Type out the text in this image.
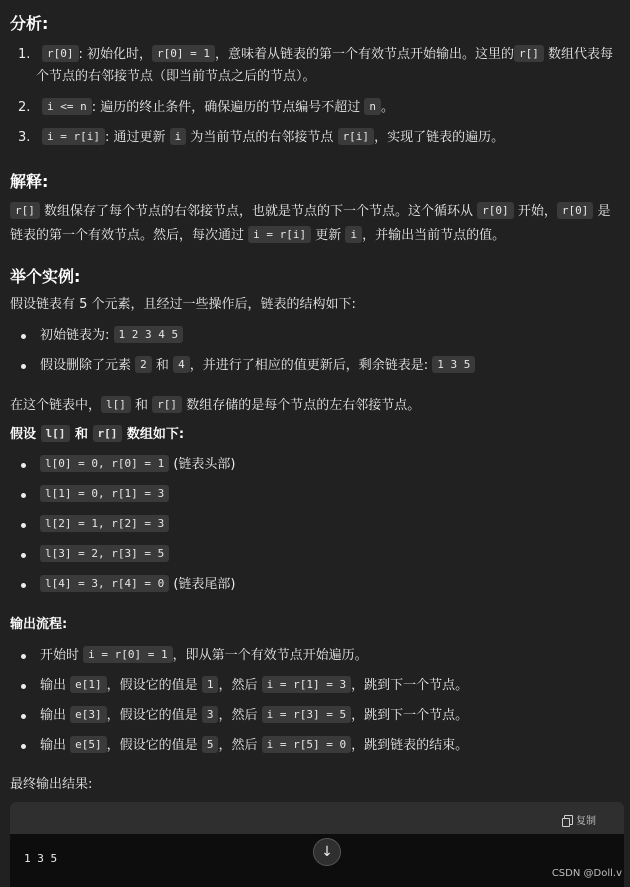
分析:
1. r[0] : 初始化时， r[0] = 1 ，意味着从链表的第一个有效节点开始输出。这里的 r[] 数组代表每
个节点的右邻接节点（即当前节点之后的节点）。
2. i <= n : 遍历的终止条件，确保遍历的节点编号不超过 n 。
3. i = r[i] : 通过更新 i 为当前节点的右邻接节点 r[i] ，实现了链表的遍历。
解释:
r[] 数组保存了每个节点的右邻接节点，也就是节点的下一个节点。这个循环从 r[0] 开始， r[0] 是
链表的第一个有效节点。然后，每次通过 i = r[i] 更新 i ，并输出当前节点的值。
举个实例:
假设链表有 5 个元素，且经过一些操作后，链表的结构如下:
初始链表为: 1 2 3 4 5
假设删除了元素 2 和 4 ，并进行了相应的值更新后，剩余链表是: 1 3 5
在这个链表中， l[] 和 r[] 数组存储的是每个节点的左右邻接节点。
假设 l[] 和 r[] 数组如下:
l[0] = 0, r[0] = 1 (链表头部)
l[1] = 0, r[1] = 3
l[2] = 1, r[2] = 3
l[3] = 2, r[3] = 5
l[4] = 3, r[4] = 0 (链表尾部)
输出流程:
开始时 i = r[0] = 1 ，即从第一个有效节点开始遍历。
输出 e[1] ，假设它的值是 1 ，然后 i = r[1] = 3 ，跳到下一个节点。
输出 e[3] ，假设它的值是 3 ，然后 i = r[3] = 5 ，跳到下一个节点。
输出 e[5] ，假设它的值是 5 ，然后 i = r[5] = 0 ，跳到链表的结束。
最终输出结果:
复制
1 3 5	↓
CSDN @Doll.v
